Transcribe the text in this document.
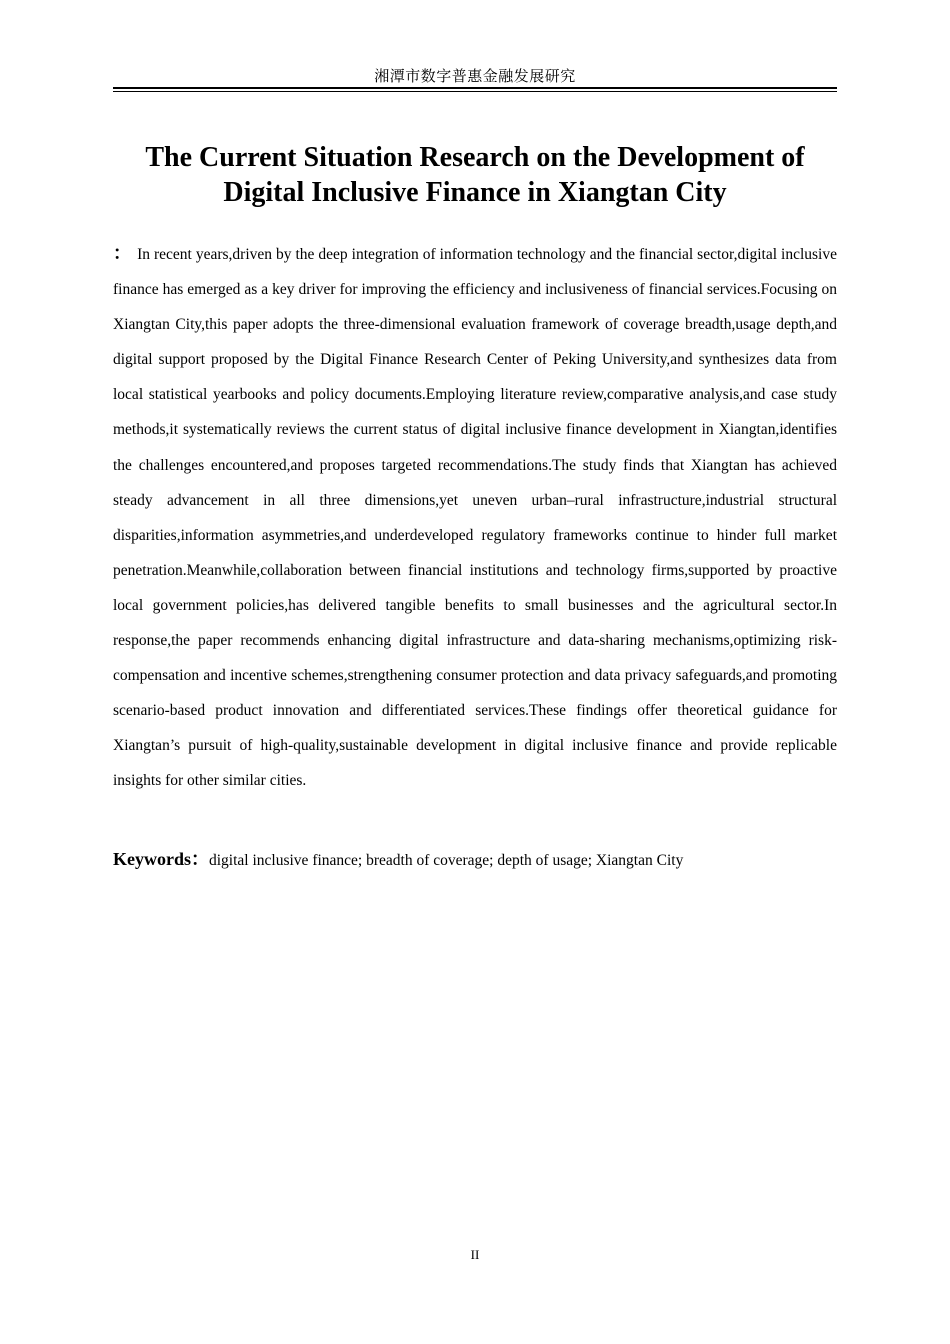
湘潭市数字普惠金融发展研究
The Current Situation Research on the Development of
Digital Inclusive Finance in Xiangtan City

： In recent years,driven by the deep integration of information technology and the financial sector,digital inclusive finance has emerged as a key driver for improving the efficiency and inclusiveness of financial services.Focusing on Xiangtan City,this paper adopts the three-dimensional evaluation framework of coverage breadth,usage depth,and digital support proposed by the Digital Finance Research Center of Peking University,and synthesizes data from local statistical yearbooks and policy documents.Employing literature review,comparative analysis,and case study methods,it systematically reviews the current status of digital inclusive finance development in Xiangtan,identifies the challenges encountered,and proposes targeted recommendations.The study finds that Xiangtan has achieved steady advancement in all three dimensions,yet uneven urban–rural infrastructure,industrial structural disparities,information asymmetries,and underdeveloped regulatory frameworks continue to hinder full market penetration.Meanwhile,collaboration between financial institutions and technology firms,supported by proactive local government policies,has delivered tangible benefits to small businesses and the agricultural sector.In response,the paper recommends enhancing digital infrastructure and data-sharing mechanisms,optimizing risk-compensation and incentive schemes,strengthening consumer protection and data privacy safeguards,and promoting scenario-based product innovation and differentiated services.These findings offer theoretical guidance for Xiangtan’s pursuit of high-quality,sustainable development in digital inclusive finance and provide replicable insights for other similar cities.

Keywords：digital inclusive finance; breadth of coverage; depth of usage; Xiangtan City

II
